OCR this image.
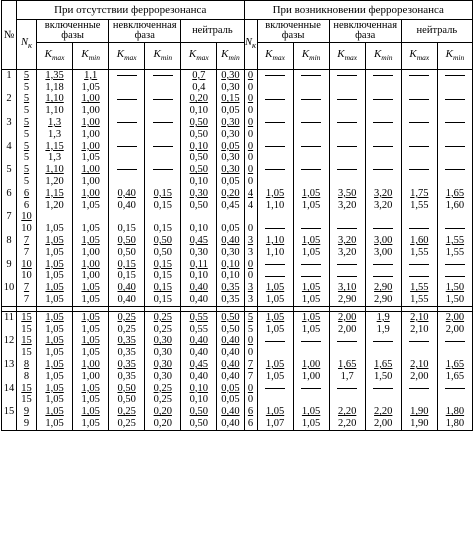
№	При отсутствии феррорезонанса							При возникновении феррорезонанса						
	$N_к$	включенные фазы		невключенная фаза		нейтраль		$N_к$	включенные фазы		невключенная фаза		нейтраль	
		$K_{max}$	$K_{min}$	$K_{max}$	$K_{min}$	$K_{max}$	$K_{min}$		$K_{max}$	$K_{min}$	$K_{max}$	$K_{min}$	$K_{max}$	$K_{min}$
1	5	1,35	1,1			0,7	0,30	0						
	5	1,18	1,05			0,4	0,30	0						
2	5	1,10	1,00			0,20	0,15	0						
	5	1,10	1,00			0,10	0,05	0						
3	5	1,3	1,00			0,50	0,30	0						
	5	1,3	1,00			0,50	0,30	0						
4	5	1,15	1,00			0,10	0,05	0						
	5	1,3	1,05			0,50	0,30	0						
5	5	1,10	1,00			0,50	0,30	0						
	5	1,20	1,00			0,10	0,05	0						
6	6	1,15	1,00	0,40	0,15	0,30	0,20	4	1,05	1,05	3,50	3,20	1,75	1,65
	6	1,20	1,05	0,40	0,15	0,50	0,45	4	1,10	1,05	3,20	3,20	1,55	1,60
7	10													
	10	1,05	1,05	0,15	0,15	0,10	0,05	0						
8	7	1,05	1,05	0,50	0,50	0,45	0,40	3	1,10	1,05	3,20	3,00	1,60	1,55
	7	1,05	1,00	0,50	0,50	0,30	0,30	3	1,10	1,05	3,20	3,00	1,55	1,55
9	10	1,05	1,00	0,15	0,15	0,11	0,10	0						
	10	1,05	1,00	0,15	0,15	0,10	0,10	0						
10	7	1,05	1,05	0,40	0,15	0,40	0,35	3	1,05	1,05	3,10	2,90	1,55	1,50
	7	1,05	1,05	0,40	0,15	0,40	0,35	3	1,05	1,05	2,90	2,90	1,55	1,50

11	15	1,05	1,05	0,25	0,25	0,55	0,50	5	1,05	1,05	2,00	1,9	2,10	2,00
	15	1,05	1,05	0,25	0,25	0,55	0,50	5	1,05	1,05	2,00	1,9	2,10	2,00
12	15	1,05	1,05	0,35	0,30	0,40	0,40	0						
	15	1,05	1,05	0,35	0,30	0,40	0,40	0						
13	8	1,05	1,00	0,35	0,30	0,45	0,40	7	1,05	1,00	1,65	1,65	2,10	1,65
	8	1,05	1,00	0,35	0,30	0,40	0,40	7	1,05	1,00	1,7	1,50	2,00	1,65
14	15	1,05	1,05	0,50	0,25	0,10	0,05	0						
	15	1,05	1,05	0,50	0,25	0,10	0,05	0						
15	9	1,05	1,05	0,25	0,20	0,50	0,40	6	1,05	1,05	2,20	2,20	1,90	1,80
	9	1,05	1,05	0,25	0,20	0,50	0,40	6	1,07	1,05	2,20	2,00	1,90	1,80
